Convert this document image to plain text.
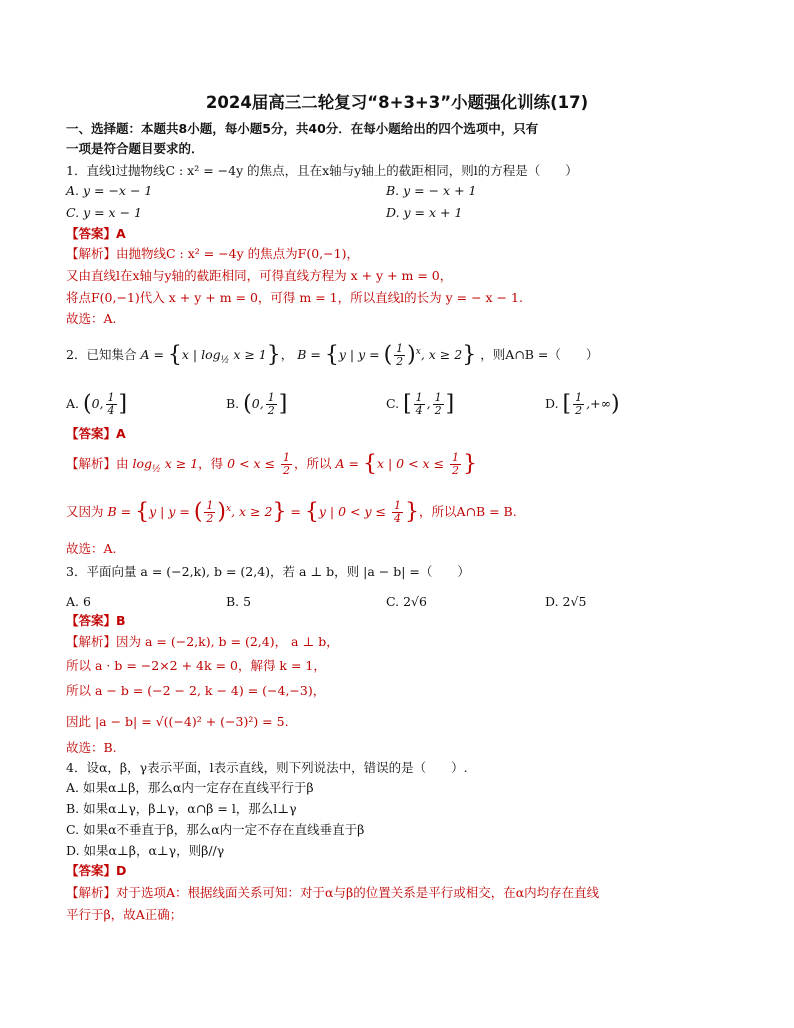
2024届高三二轮复习“8+3+3”小题强化训练(17)
一、选择题：本题共8小题，每小题5分，共40分．在每小题给出的四个选项中，只有
一项是符合题目要求的．
1．直线l过抛物线C : x² = −4y 的焦点，且在x轴与y轴上的截距相同，则l的方程是（　　）
A. y = −x − 1	B. y = − x + 1
C. y = x − 1	D. y = x + 1
【答案】A
【解析】由抛物线C : x² = −4y 的焦点为F(0,−1)，
又由直线l在x轴与y轴的截距相同，可得直线方程为 x + y + m = 0，
将点F(0,−1)代入 x + y + m = 0，可得 m = 1，所以直线l的长为 y = − x − 1.
故选：A.
2．已知集合 A = {x | $\log_{\frac{1}{2}} x \ge 1$}， B = {y | y = ( $\frac{1}{2} )^x$, x ≥ 2} ，则A∩B =（　　）
A. (0, $\frac{1}{4}$ ]	B. (0, $\frac{1}{2}$ ]	C. [ $\frac{1}{4}$ , $\frac{1}{2}$ ]	D. [ $\frac{1}{2}$ ,+∞)
【答案】A
【解析】由 $\log_{\frac{1}{2}} x \ge 1$，得 $0 < x \le \frac{1}{2}$ ，所以 A = {x | $0 < x \le \frac{1}{2}$ }
又因为 B = {y | y = ( $\frac{1}{2} )^x$, x ≥ 2} = {y | $0 < y \le \frac{1}{4}$ }，所以A∩B = B.
故选：A.
3．平面向量 a = (−2,k), b = (2,4)，若 a ⊥ b，则 |a − b| =（　　）
A. 6	B. 5	C. 2√6	D. 2√5
【答案】B
【解析】因为 a = (−2,k), b = (2,4)， a ⊥ b，
所以 a · b = −2×2 + 4k = 0，解得 k = 1，
所以 a − b = (−2 − 2, k − 4) = (−4,−3)，
因此 |a − b| = √((−4)² + (−3)²) = 5.
故选：B.
4．设α，β，γ表示平面，l表示直线，则下列说法中，错误的是（　　）.
A. 如果α⊥β，那么α内一定存在直线平行于β
B. 如果α⊥γ，β⊥γ，α∩β = l，那么l⊥γ
C. 如果α不垂直于β，那么α内一定不存在直线垂直于β
D. 如果α⊥β，α⊥γ，则β//γ
【答案】D
【解析】对于选项A：根据线面关系可知：对于α与β的位置关系是平行或相交，在α内均存在直线
平行于β，故A正确；
